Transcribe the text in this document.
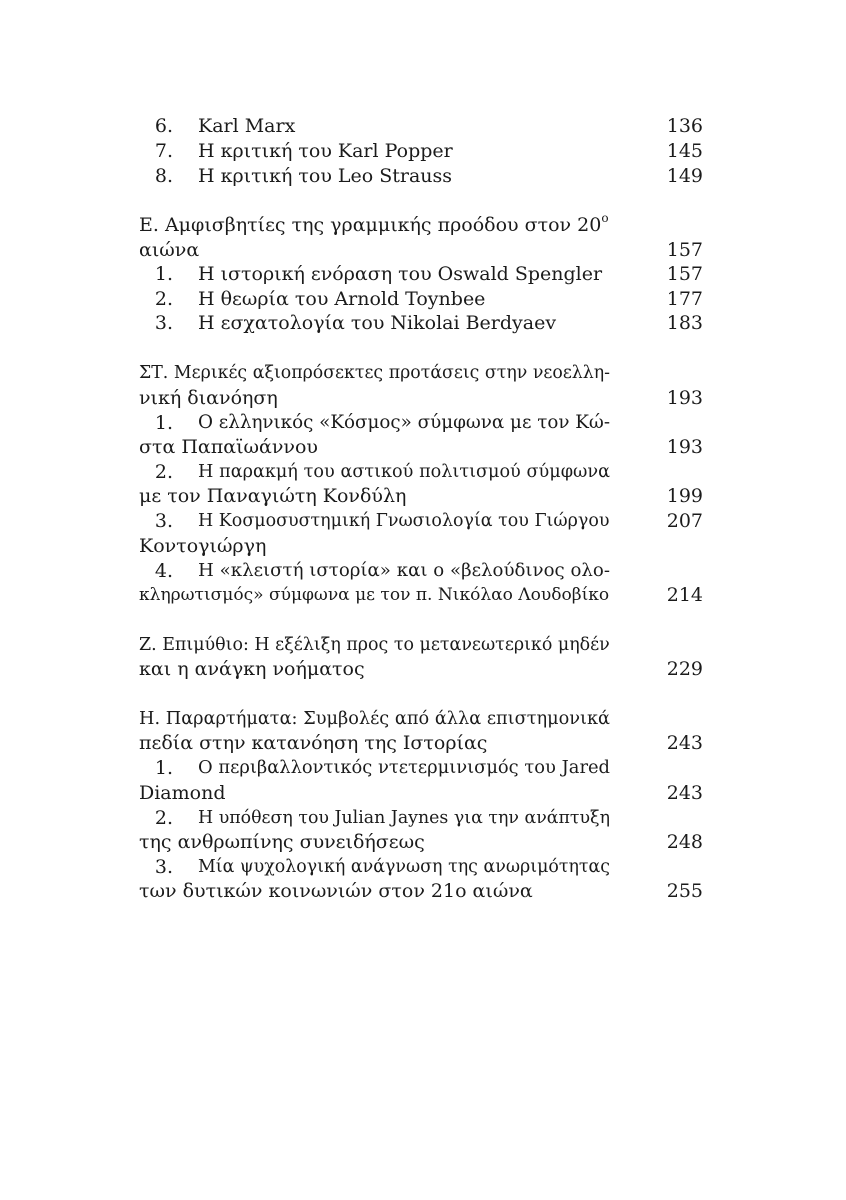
6. Karl Marx	136
7. Η κριτική του Karl Popper	145
8. Η κριτική του Leo Strauss	149
Ε. Αμφισβητίες της γραμμικής προόδου στον $20^o$
αιώνα	157
1. Η ιστορική ενόραση του Oswald Spengler	157
2. Η θεωρία του Arnold Toynbee	177
3. Η εσχατολογία του Nikolai Berdyaev	183
ΣΤ. Μερικές αξιοπρόσεκτες προτάσεις στην νεοελλη-
νική διανόηση	193
1. Ο ελληνικός «Κόσμος» σύμφωνα με τον Κώ-
στα Παπαϊωάννου	193
2. Η παρακμή του αστικού πολιτισμού σύμφωνα
με τον Παναγιώτη Κονδύλη	199
3. Η Κοσμοσυστημική Γνωσιολογία του Γιώργου	207
Κοντογιώργη
4. Η «κλειστή ιστορία» και ο «βελούδινος ολο-
κληρωτισμός» σύμφωνα με τον π. Νικόλαο Λουδοβίκο	214
Ζ. Επιμύθιο: Η εξέλιξη προς το μετανεωτερικό μηδέν
και η ανάγκη νοήματος	229
Η. Παραρτήματα: Συμβολές από άλλα επιστημονικά
πεδία στην κατανόηση της Ιστορίας	243
1. Ο περιβαλλοντικός ντετερμινισμός του Jared
Diamond	243
2. Η υπόθεση του Julian Jaynes για την ανάπτυξη
της ανθρωπίνης συνειδήσεως	248
3. Μία ψυχολογική ανάγνωση της ανωριμότητας
των δυτικών κοινωνιών στον 21ο αιώνα	255
